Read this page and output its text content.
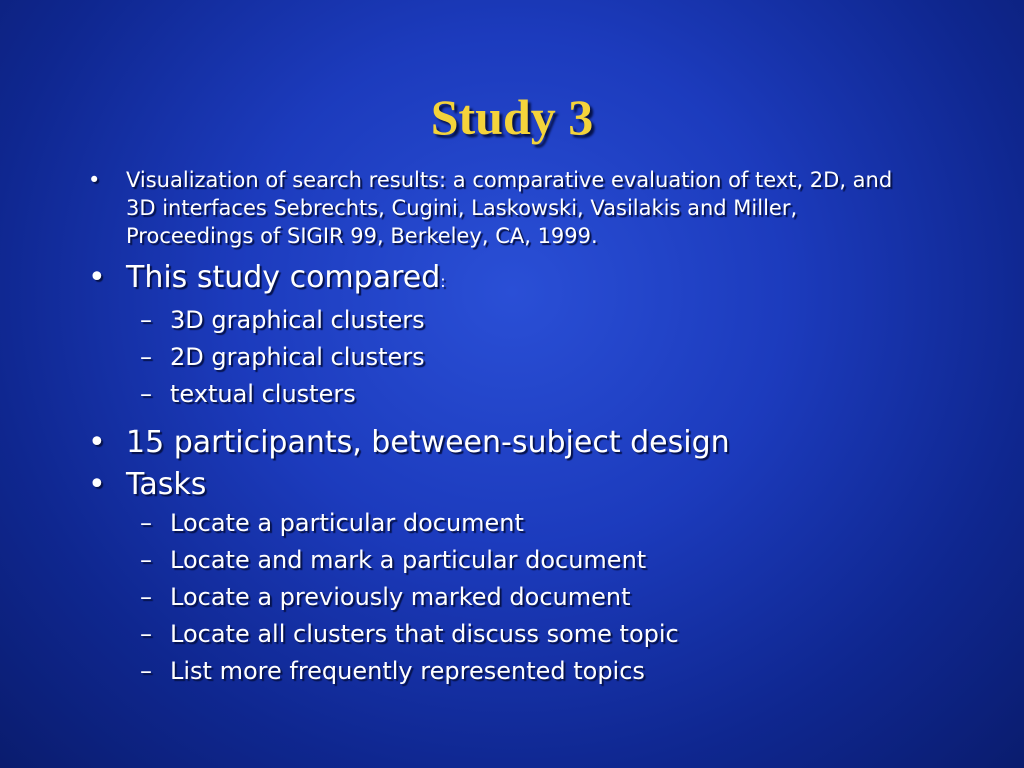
Study 3
• Visualization of search results: a comparative evaluation of text, 2D, and 3D interfaces Sebrechts, Cugini, Laskowski, Vasilakis and Miller, Proceedings of SIGIR 99, Berkeley, CA, 1999.
• This study compared:
– 3D graphical clusters
– 2D graphical clusters
– textual clusters
• 15 participants, between-subject design
• Tasks
– Locate a particular document
– Locate and mark a particular document
– Locate a previously marked document
– Locate all clusters that discuss some topic
– List more frequently represented topics
